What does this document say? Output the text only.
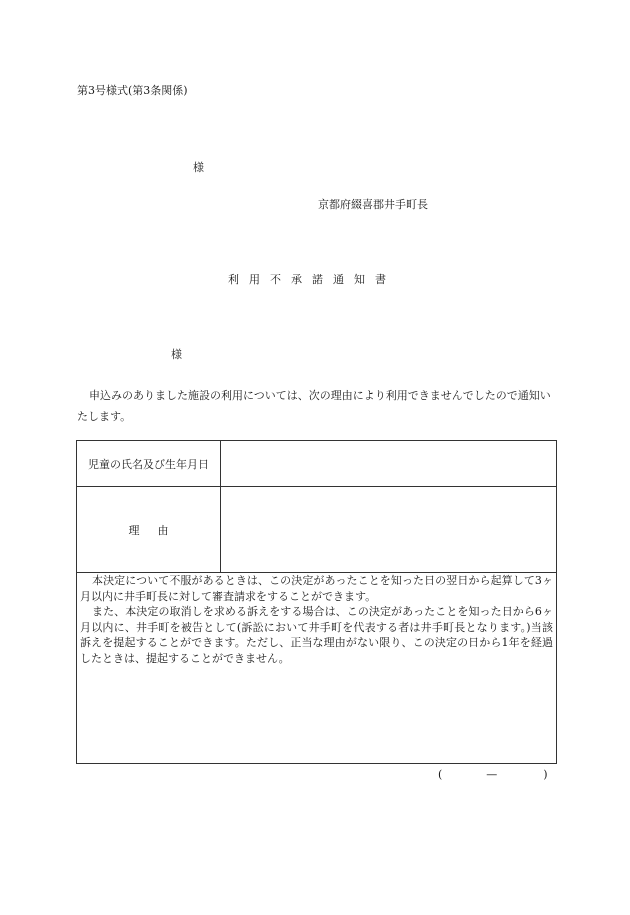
第3号様式(第3条関係)
様
京都府綴喜郡井手町長
利用不承諾通知書
様
申込みのありました施設の利用については、次の理由により利用できませんでしたので通知いたします。
児童の氏名及び生年月日
理由

本決定について不服があるときは、この決定があったことを知った日の翌日から起算して3ヶ月以内に井手町長に対して審査請求をすることができます。

また、本決定の取消しを求める訴えをする場合は、この決定があったことを知った日から6ヶ月以内に、井手町を被告として(訴訟において井手町を代表する者は井手町長となります。)当該訴えを提起することができます。ただし、正当な理由がない限り、この決定の日から1年を経過したときは、提起することができません。

(	—	)
